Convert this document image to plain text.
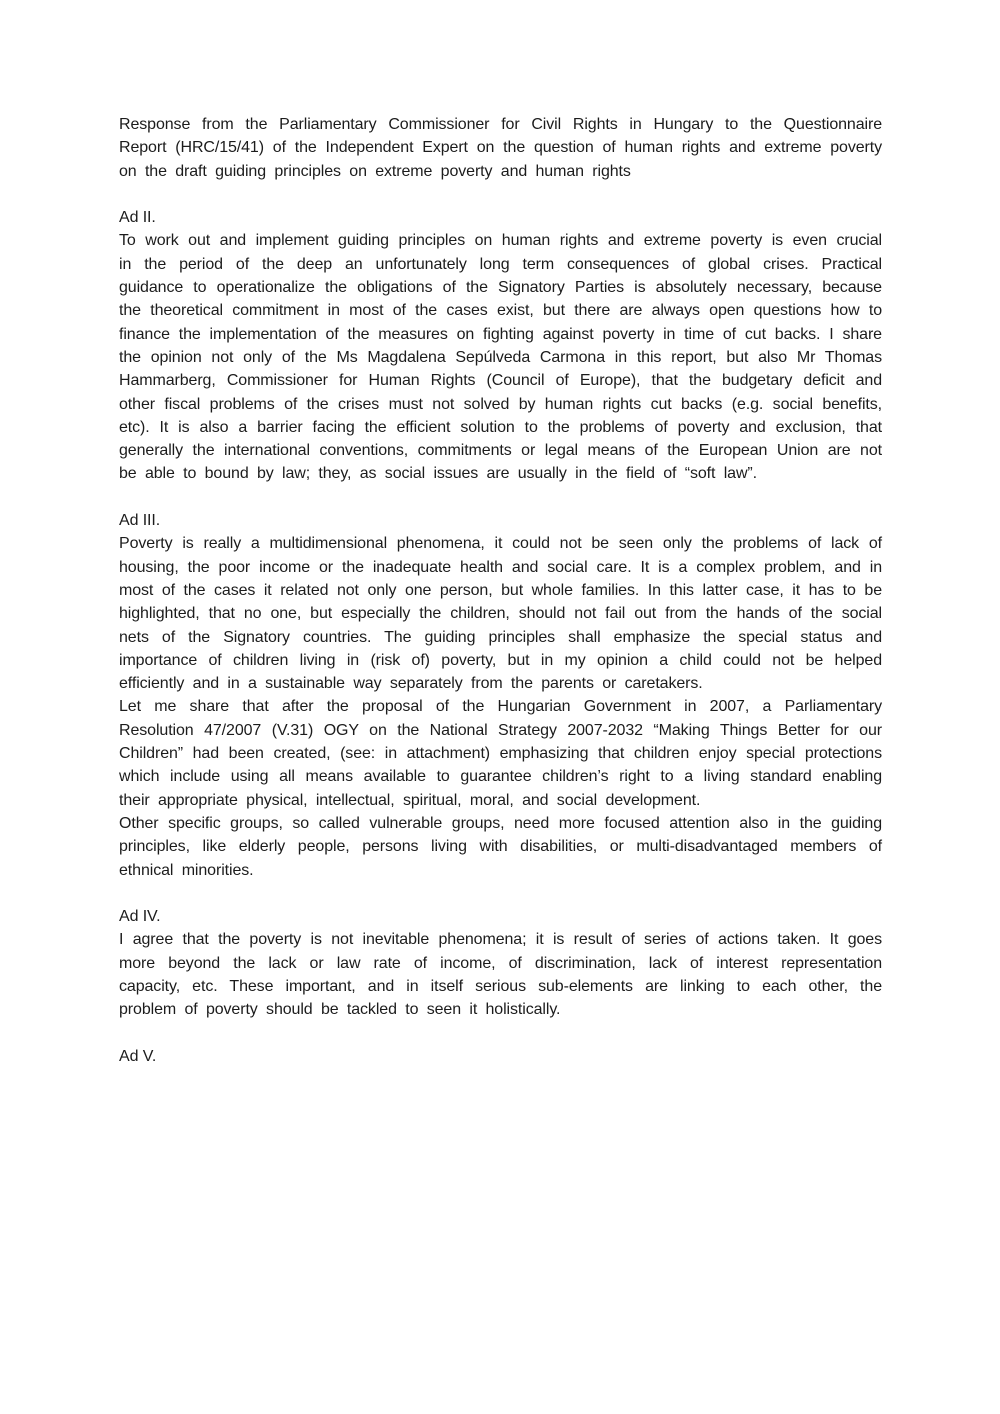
Response from the Parliamentary Commissioner for Civil Rights in Hungary to the Questionnaire Report (HRC/15/41) of the Independent Expert on the question of human rights and extreme poverty on the draft guiding principles on extreme poverty and human rights

Ad II.

To work out and implement guiding principles on human rights and extreme poverty is even crucial in the period of the deep an unfortunately long term consequences of global crises. Practical guidance to operationalize the obligations of the Signatory Parties is absolutely necessary, because the theoretical commitment in most of the cases exist, but there are always open questions how to finance the implementation of the measures on fighting against poverty in time of cut backs. I share the opinion not only of the Ms Magdalena Sepúlveda Carmona in this report, but also Mr Thomas Hammarberg, Commissioner for Human Rights (Council of Europe), that the budgetary deficit and other fiscal problems of the crises must not solved by human rights cut backs (e.g. social benefits, etc). It is also a barrier facing the efficient solution to the problems of poverty and exclusion, that generally the international conventions, commitments or legal means of the European Union are not be able to bound by law; they, as social issues are usually in the field of “soft law”.

Ad III.

Poverty is really a multidimensional phenomena, it could not be seen only the problems of lack of housing, the poor income or the inadequate health and social care. It is a complex problem, and in most of the cases it related not only one person, but whole families. In this latter case, it has to be highlighted, that no one, but especially the children, should not fail out from the hands of the social nets of the Signatory countries. The guiding principles shall emphasize the special status and importance of children living in (risk of) poverty, but in my opinion a child could not be helped efficiently and in a sustainable way separately from the parents or caretakers.

Let me share that after the proposal of the Hungarian Government in 2007, a Parliamentary Resolution 47/2007 (V.31) OGY on the National Strategy 2007-2032 “Making Things Better for our Children” had been created, (see: in attachment) emphasizing that children enjoy special protections which include using all means available to guarantee children’s right to a living standard enabling their appropriate physical, intellectual, spiritual, moral, and social development.

Other specific groups, so called vulnerable groups, need more focused attention also in the guiding principles, like elderly people, persons living with disabilities, or multi-disadvantaged members of ethnical minorities.

Ad IV.

I agree that the poverty is not inevitable phenomena; it is result of series of actions taken. It goes more beyond the lack or law rate of income, of discrimination, lack of interest representation capacity, etc. These important, and in itself serious sub-elements are linking to each other, the problem of poverty should be tackled to seen it holistically.

Ad V.
